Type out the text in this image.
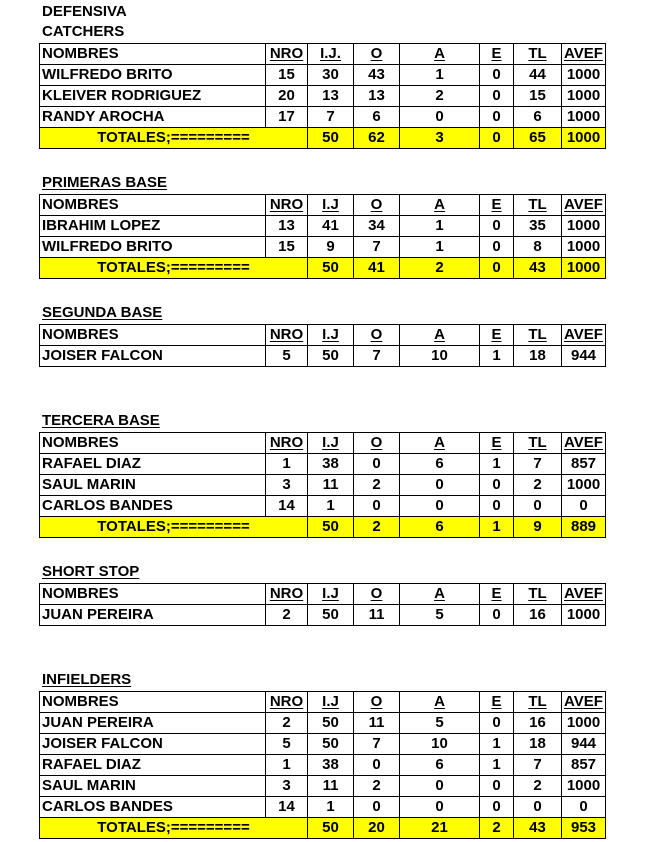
DEFENSIVA
CATCHERS
NOMBRES	NRO	I.J.	O	A	E	TL	AVEF
WILFREDO BRITO	15	30	43	1	0	44	1000
KLEIVER RODRIGUEZ	20	13	13	2	0	15	1000
RANDY AROCHA	17	7	6	0	0	6	1000
TOTALES;=========		50	62	3	0	65	1000
PRIMERAS BASE
NOMBRES	NRO	I.J	O	A	E	TL	AVEF
IBRAHIM LOPEZ	13	41	34	1	0	35	1000
WILFREDO BRITO	15	9	7	1	0	8	1000
TOTALES;=========		50	41	2	0	43	1000
SEGUNDA BASE
NOMBRES	NRO	I.J	O	A	E	TL	AVEF
JOISER FALCON	5	50	7	10	1	18	944
TERCERA BASE
NOMBRES	NRO	I.J	O	A	E	TL	AVEF
RAFAEL DIAZ	1	38	0	6	1	7	857
SAUL MARIN	3	11	2	0	0	2	1000
CARLOS BANDES	14	1	0	0	0	0	0
TOTALES;=========		50	2	6	1	9	889
SHORT STOP
NOMBRES	NRO	I.J	O	A	E	TL	AVEF
JUAN PEREIRA	2	50	11	5	0	16	1000
INFIELDERS
NOMBRES	NRO	I.J	O	A	E	TL	AVEF
JUAN PEREIRA	2	50	11	5	0	16	1000
JOISER FALCON	5	50	7	10	1	18	944
RAFAEL DIAZ	1	38	0	6	1	7	857
SAUL MARIN	3	11	2	0	0	2	1000
CARLOS BANDES	14	1	0	0	0	0	0
TOTALES;=========		50	20	21	2	43	953
